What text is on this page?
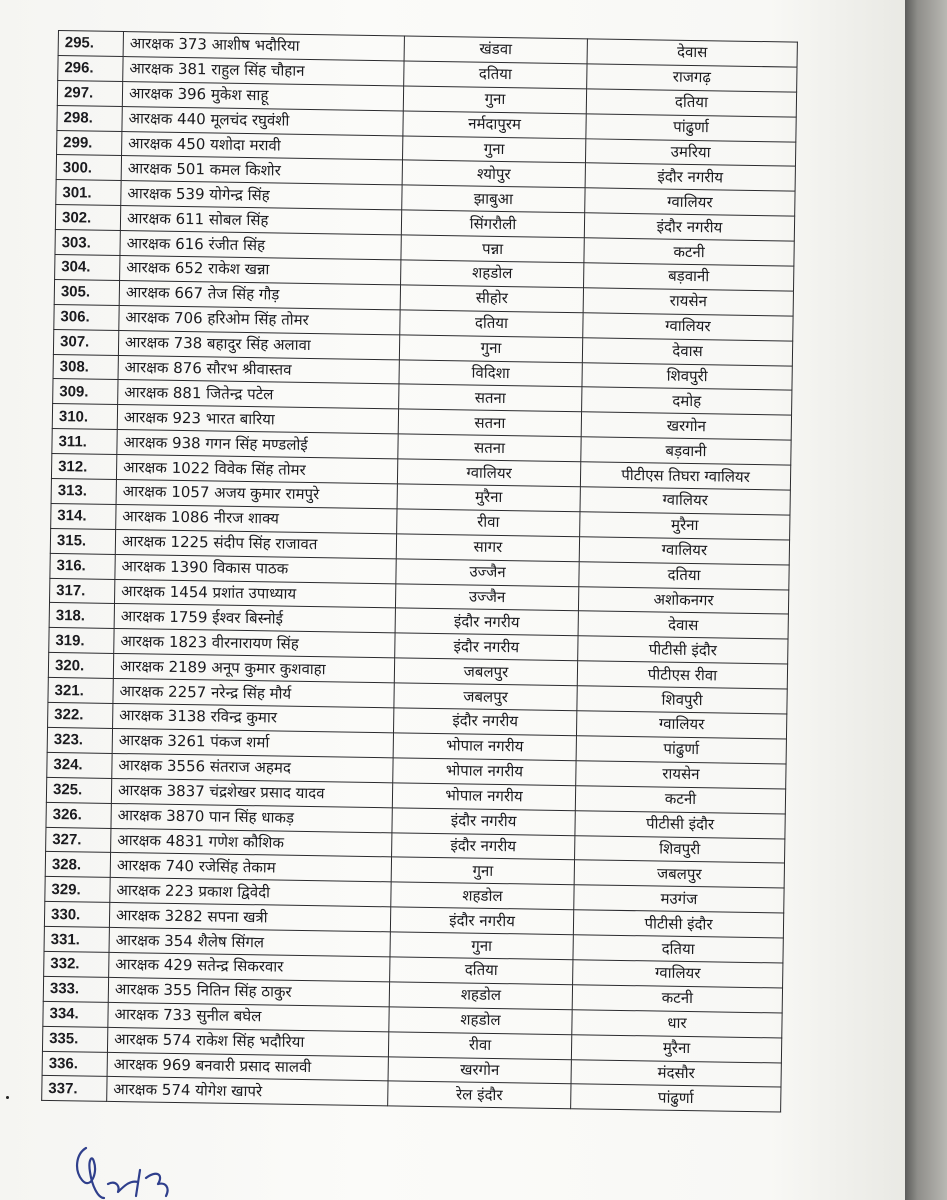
295.	आरक्षक 373 आशीष भदौरिया	खंडवा	देवास
296.	आरक्षक 381 राहुल सिंह चौहान	दतिया	राजगढ़
297.	आरक्षक 396 मुकेश साहू	गुना	दतिया
298.	आरक्षक 440 मूलचंद रघुवंशी	नर्मदापुरम	पांढुर्णा
299.	आरक्षक 450 यशोदा मरावी	गुना	उमरिया
300.	आरक्षक 501 कमल किशोर	श्योपुर	इंदौर नगरीय
301.	आरक्षक 539 योगेन्द्र सिंह	झाबुआ	ग्वालियर
302.	आरक्षक 611 सोबल सिंह	सिंगरौली	इंदौर नगरीय
303.	आरक्षक 616 रंजीत सिंह	पन्ना	कटनी
304.	आरक्षक 652 राकेश खन्ना	शहडोल	बड़वानी
305.	आरक्षक 667 तेज सिंह गौड़	सीहोर	रायसेन
306.	आरक्षक 706 हरिओम सिंह तोमर	दतिया	ग्वालियर
307.	आरक्षक 738 बहादुर सिंह अलावा	गुना	देवास
308.	आरक्षक 876 सौरभ श्रीवास्तव	विदिशा	शिवपुरी
309.	आरक्षक 881 जितेन्द्र पटेल	सतना	दमोह
310.	आरक्षक 923 भारत बारिया	सतना	खरगोन
311.	आरक्षक 938 गगन सिंह मण्डलोई	सतना	बड़वानी
312.	आरक्षक 1022 विवेक सिंह तोमर	ग्वालियर	पीटीएस तिघरा ग्वालियर
313.	आरक्षक 1057 अजय कुमार रामपुरे	मुरैना	ग्वालियर
314.	आरक्षक 1086 नीरज शाक्य	रीवा	मुरैना
315.	आरक्षक 1225 संदीप सिंह राजावत	सागर	ग्वालियर
316.	आरक्षक 1390 विकास पाठक	उज्जैन	दतिया
317.	आरक्षक 1454 प्रशांत उपाध्याय	उज्जैन	अशोकनगर
318.	आरक्षक 1759 ईश्वर बिस्नोई	इंदौर नगरीय	देवास
319.	आरक्षक 1823 वीरनारायण सिंह	इंदौर नगरीय	पीटीसी इंदौर
320.	आरक्षक 2189 अनूप कुमार कुशवाहा	जबलपुर	पीटीएस रीवा
321.	आरक्षक 2257 नरेन्द्र सिंह मौर्य	जबलपुर	शिवपुरी
322.	आरक्षक 3138 रविन्द्र कुमार	इंदौर नगरीय	ग्वालियर
323.	आरक्षक 3261 पंकज शर्मा	भोपाल नगरीय	पांढुर्णा
324.	आरक्षक 3556 संतराज अहमद	भोपाल नगरीय	रायसेन
325.	आरक्षक 3837 चंद्रशेखर प्रसाद यादव	भोपाल नगरीय	कटनी
326.	आरक्षक 3870 पान सिंह धाकड़	इंदौर नगरीय	पीटीसी इंदौर
327.	आरक्षक 4831 गणेश कौशिक	इंदौर नगरीय	शिवपुरी
328.	आरक्षक 740 रजेसिंह तेकाम	गुना	जबलपुर
329.	आरक्षक 223 प्रकाश द्विवेदी	शहडोल	मउगंज
330.	आरक्षक 3282 सपना खत्री	इंदौर नगरीय	पीटीसी इंदौर
331.	आरक्षक 354 शैलेष सिंगल	गुना	दतिया
332.	आरक्षक 429 सतेन्द्र सिकरवार	दतिया	ग्वालियर
333.	आरक्षक 355 नितिन सिंह ठाकुर	शहडोल	कटनी
334.	आरक्षक 733 सुनील बघेल	शहडोल	धार
335.	आरक्षक 574 राकेश सिंह भदौरिया	रीवा	मुरैना
336.	आरक्षक 969 बनवारी प्रसाद सालवी	खरगोन	मंदसौर
337.	आरक्षक 574 योगेश खापरे	रेल इंदौर	पांढुर्णा
